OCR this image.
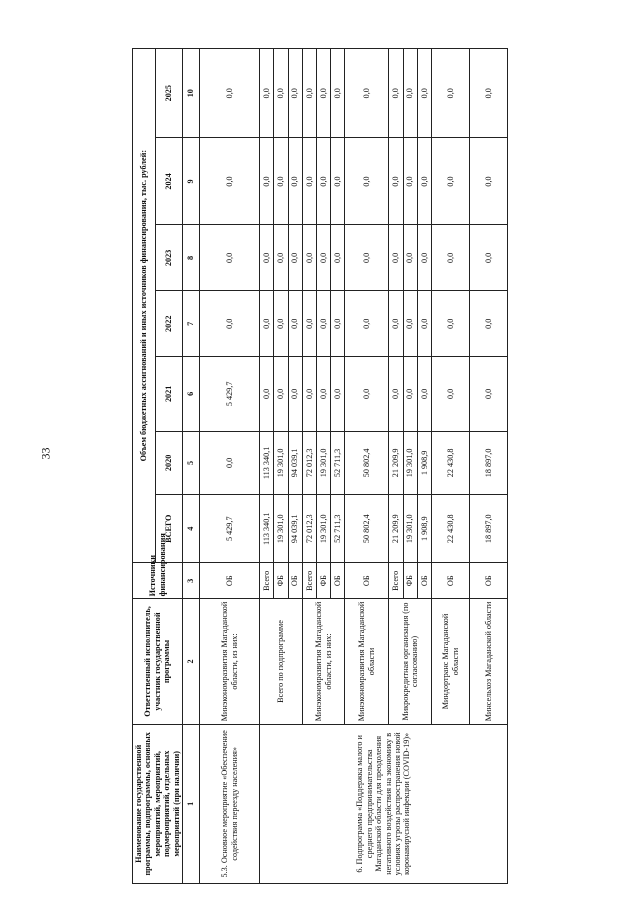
33
Наименование государственной программы, подпрограммы, основных мероприятий, мероприятий, подмероприятий, отдельных мероприятий (при наличии)	Ответственный исполнитель, участник государственной программы	Источники финансирования	Объем бюджетных ассигнований и иных источников финансирования, тыс. рублей:						
			ВСЕГО	2020	2021	2022	2023	2024	2025
1	2	3	4	5	6	7	8	9	10
5.3. Основное мероприятие «Обеспечение содействия переезду населения»	Минэкономразвития Магаданской области, из них:	ОБ	5 429,7	0,0	5 429,7	0,0	0,0	0,0	0,0
6. Подпрограмма «Поддержка малого и среднего предпринимательства Магаданской области для преодоления негативного воздействия на экономику в условиях угрозы распространения новой коронавирусной инфекции (COVID-19)»	Всего по подпрограмме	Всего	113 340,1	113 340,1	0,0	0,0	0,0	0,0	0,0
		ФБ	19 301,0	19 301,0	0,0	0,0	0,0	0,0	0,0
		ОБ	94 039,1	94 039,1	0,0	0,0	0,0	0,0	0,0
	Минэкономразвития Магаданской области, из них:	Всего	72 012,3	72 012,3	0,0	0,0	0,0	0,0	0,0
		ФБ	19 301,0	19 301,0	0,0	0,0	0,0	0,0	0,0
		ОБ	52 711,3	52 711,3	0,0	0,0	0,0	0,0	0,0
	Минэкономразвития Магаданской области	ОБ	50 802,4	50 802,4	0,0	0,0	0,0	0,0	0,0
	Микрокредитная организация (по согласованию)	Всего	21 209,9	21 209,9	0,0	0,0	0,0	0,0	0,0
		ФБ	19 301,0	19 301,0	0,0	0,0	0,0	0,0	0,0
		ОБ	1 908,9	1 908,9	0,0	0,0	0,0	0,0	0,0
	Миндортранс Магаданской области	ОБ	22 430,8	22 430,8	0,0	0,0	0,0	0,0	0,0
	Минсельхоз Магаданской области	ОБ	18 897,0	18 897,0	0,0	0,0	0,0	0,0	0,0
